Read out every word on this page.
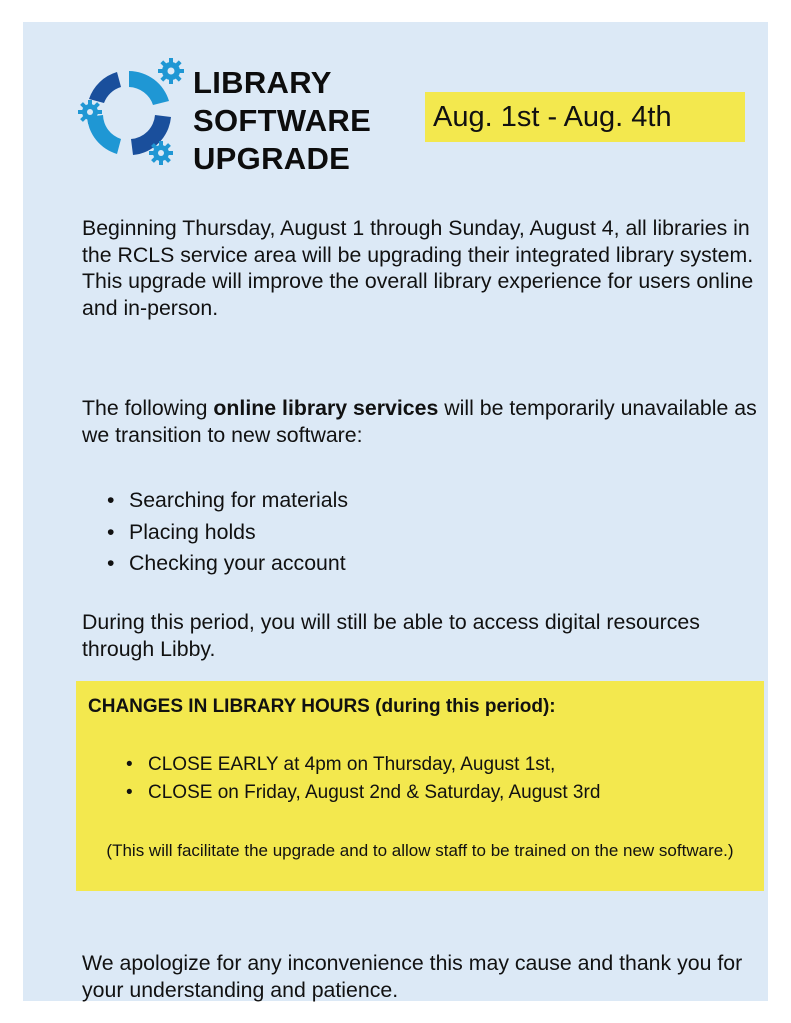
LIBRARY
SOFTWARE
UPGRADE
Aug. 1st - Aug. 4th
Beginning Thursday, August 1 through Sunday, August 4, all libraries in the RCLS service area will be upgrading their integrated library system. This upgrade will improve the overall library experience for users online and in-person.
The following online library services will be temporarily unavailable as we transition to new software:
• Searching for materials
• Placing holds
• Checking your account
During this period, you will still be able to access digital resources through Libby.
CHANGES IN LIBRARY HOURS (during this period):
• CLOSE EARLY at 4pm on Thursday, August 1st,
• CLOSE on Friday, August 2nd & Saturday, August 3rd
(This will facilitate the upgrade and to allow staff to be trained on the new software.)
We apologize for any inconvenience this may cause and thank you for your understanding and patience.
